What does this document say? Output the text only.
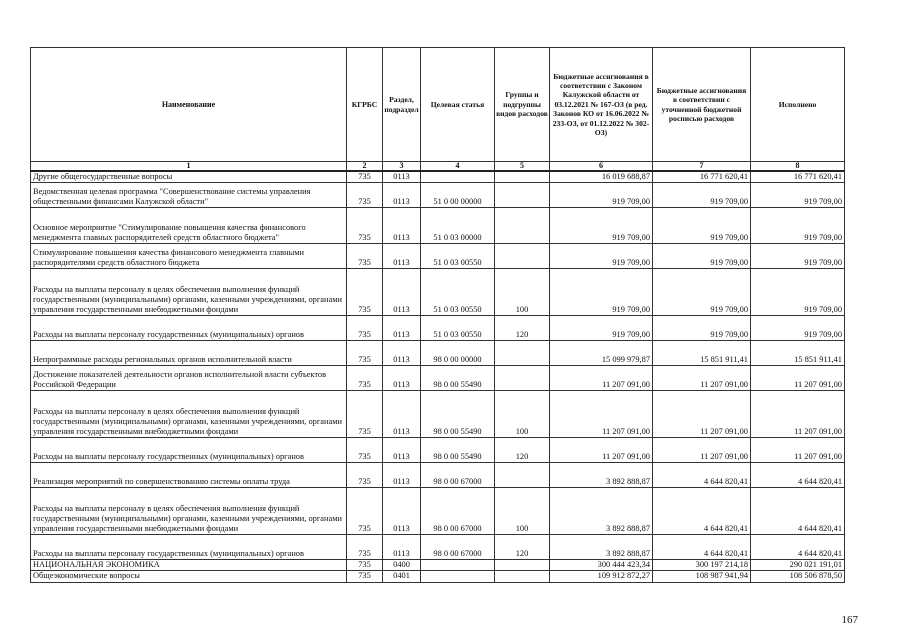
Наименование	КГРБС	Раздел, подраздел	Целевая статья	Группы и подгруппы видов расходов	Бюджетные ассигнования в соответствии с Законом Калужской области от 03.12.2021 № 167-ОЗ (в ред. Законов КО от 16.06.2022 № 233-ОЗ, от 01.12.2022 № 302-ОЗ)	Бюджетные ассигнования в соответствии с уточненной бюджетной росписью расходов	Исполнено
1	2	3	4	5	6	7	8
Другие общегосударственные вопросы	735	0113			16 019 688,87	16 771 620,41	16 771 620,41
Ведомственная целевая программа "Совершенствование системы управления общественными финансами Калужской области"	735	0113	51 0 00 00000		919 709,00	919 709,00	919 709,00
Основное мероприятие "Стимулирование повышения качества финансового менеджмента главных распорядителей средств областного бюджета"	735	0113	51 0 03 00000		919 709,00	919 709,00	919 709,00
Стимулирование повышения качества финансового менеджмента главными распорядителями средств областного бюджета	735	0113	51 0 03 00550		919 709,00	919 709,00	919 709,00
Расходы на выплаты персоналу в целях обеспечения выполнения функций государственными (муниципальными) органами, казенными учреждениями, органами управления государственными внебюджетными фондами	735	0113	51 0 03 00550	100	919 709,00	919 709,00	919 709,00
Расходы на выплаты персоналу государственных (муниципальных) органов	735	0113	51 0 03 00550	120	919 709,00	919 709,00	919 709,00
Непрограммные расходы региональных органов исполнительной власти	735	0113	98 0 00 00000		15 099 979,87	15 851 911,41	15 851 911,41
Достижение показателей деятельности органов исполнительной власти субъектов Российской Федерации	735	0113	98 0 00 55490		11 207 091,00	11 207 091,00	11 207 091,00
Расходы на выплаты персоналу в целях обеспечения выполнения функций государственными (муниципальными) органами, казенными учреждениями, органами управления государственными внебюджетными фондами	735	0113	98 0 00 55490	100	11 207 091,00	11 207 091,00	11 207 091,00
Расходы на выплаты персоналу государственных (муниципальных) органов	735	0113	98 0 00 55490	120	11 207 091,00	11 207 091,00	11 207 091,00
Реализация мероприятий по совершенствованию системы оплаты труда	735	0113	98 0 00 67000		3 892 888,87	4 644 820,41	4 644 820,41
Расходы на выплаты персоналу в целях обеспечения выполнения функций государственными (муниципальными) органами, казенными учреждениями, органами управления государственными внебюджетными фондами	735	0113	98 0 00 67000	100	3 892 888,87	4 644 820,41	4 644 820,41
Расходы на выплаты персоналу государственных (муниципальных) органов	735	0113	98 0 00 67000	120	3 892 888,87	4 644 820,41	4 644 820,41
НАЦИОНАЛЬНАЯ ЭКОНОМИКА	735	0400			300 444 423,34	300 197 214,18	290 021 191,01
Общеэкономические вопросы	735	0401			109 912 872,27	108 987 941,94	108 506 878,50
167
